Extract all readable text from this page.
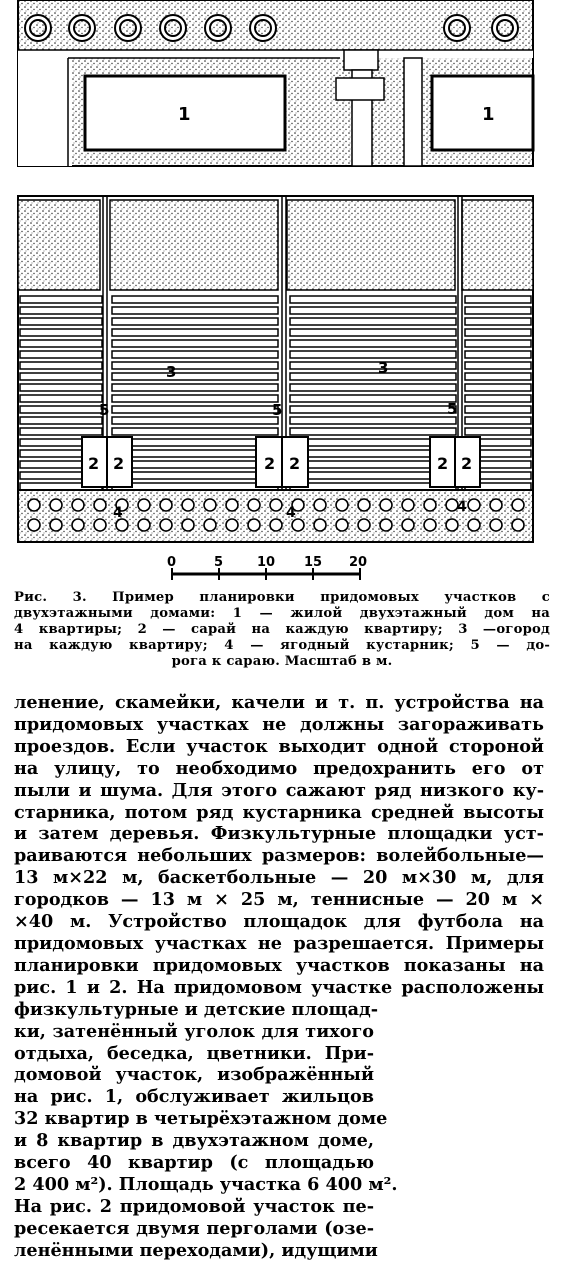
1	1
2 2	2 2	2 2
3	3
5	5	5
4	4	4
0	5	10 15 20
Рис. 3. Пример планировки придомовых участков с
двухэтажными домами: 1 — жилой двухэтажный дом на
4 квартиры; 2 — сарай на каждую квартиру; 3 —огород
на каждую квартиру; 4 — ягодный кустарник; 5 — до-
рога к сараю. Масштаб в м.
ленение, скамейки, качели и т. п. устройства на
придомовых участках не должны загораживать
проездов. Если участок выходит одной стороной
на улицу, то необходимо предохранить его от
пыли и шума. Для этого сажают ряд низкого ку-
старника, потом ряд кустарника средней высоты
и затем деревья. Физкультурные площадки уст-
раиваются небольших размеров: волейбольные—
13 м×22 м, баскетбольные — 20 м×30 м, для
городков — 13 м × 25 м, теннисные — 20 м ×
×40 м. Устройство площадок для футбола на
придомовых участках не разрешается. Примеры
планировки придомовых участков показаны на
рис. 1 и 2. На придомовом участке расположены
физкультурные и детские площад-
ки, затенённый уголок для тихого
отдыха, беседка, цветники. При-
домовой участок, изображённый
на рис. 1, обслуживает жильцов
32 квартир в четырёхэтажном доме
и 8 квартир в двухэтажном доме,
всего 40 квартир (с площадью
2 400 м²). Площадь участка 6 400 м².
На рис. 2 придомовой участок пе-
ресекается двумя перголами (озе-
ленёнными переходами), идущими
